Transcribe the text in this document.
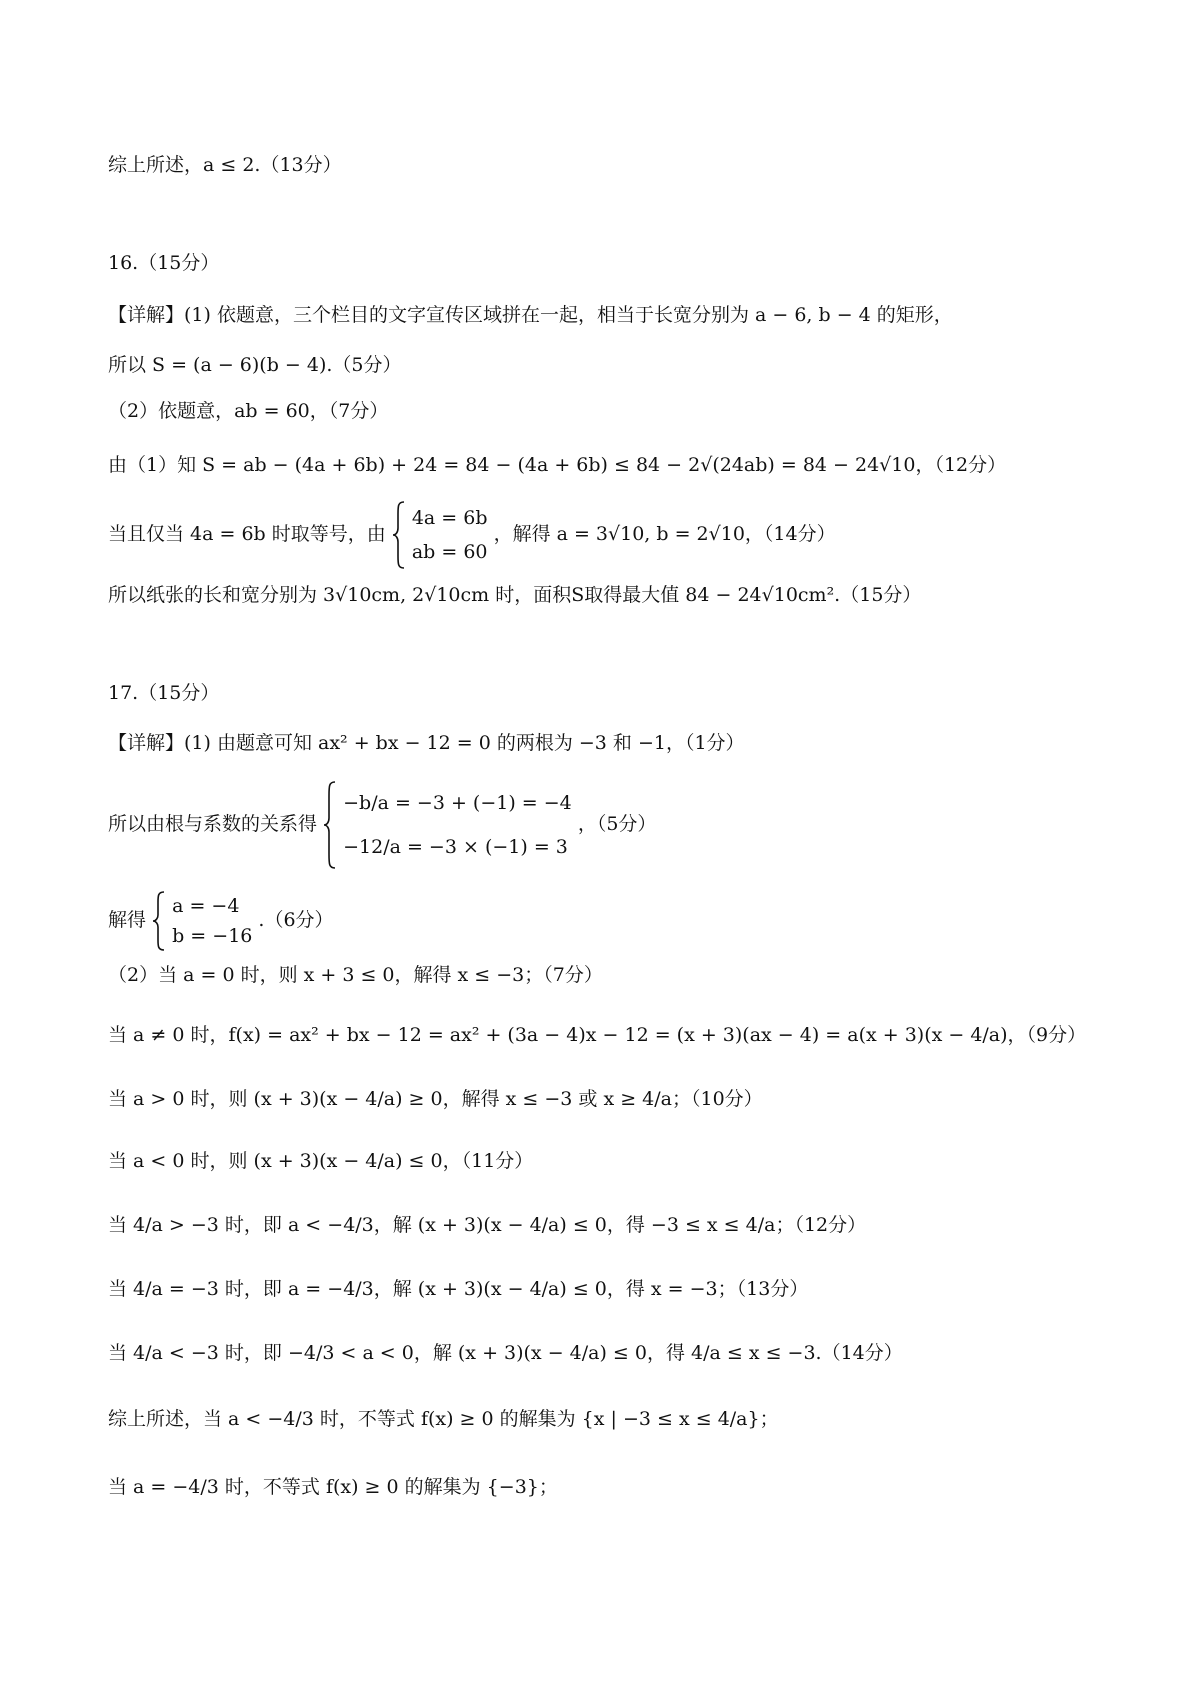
综上所述，a ≤ 2.（13分）
16.（15分）
【详解】(1) 依题意，三个栏目的文字宣传区域拼在一起，相当于长宽分别为 a − 6, b − 4 的矩形，
所以 S = (a − 6)(b − 4).（5分）
（2）依题意，ab = 60，（7分）
由（1）知 S = ab − (4a + 6b) + 24 = 84 − (4a + 6b) ≤ 84 − 2√(24ab) = 84 − 24√10，（12分）
当且仅当 4a = 6b 时取等号，由
4a = 6b
ab = 60
，解得 a = 3√10, b = 2√10，（14分）
所以纸张的长和宽分别为 3√10cm, 2√10cm 时，面积S取得最大值 84 − 24√10cm².（15分）
17.（15分）
【详解】(1) 由题意可知 ax² + bx − 12 = 0 的两根为 −3 和 −1，（1分）
所以由根与系数的关系得
−b/a = −3 + (−1) = −4
−12/a = −3 × (−1) = 3
，（5分）
解得
a = −4
b = −16
.（6分）
（2）当 a = 0 时，则 x + 3 ≤ 0，解得 x ≤ −3；（7分）
当 a ≠ 0 时，f(x) = ax² + bx − 12 = ax² + (3a − 4)x − 12 = (x + 3)(ax − 4) = a(x + 3)(x − 4/a)，（9分）
当 a > 0 时，则 (x + 3)(x − 4/a) ≥ 0，解得 x ≤ −3 或 x ≥ 4/a；（10分）
当 a < 0 时，则 (x + 3)(x − 4/a) ≤ 0，（11分）
当 4/a > −3 时，即 a < −4/3，解 (x + 3)(x − 4/a) ≤ 0，得 −3 ≤ x ≤ 4/a；（12分）
当 4/a = −3 时，即 a = −4/3，解 (x + 3)(x − 4/a) ≤ 0，得 x = −3；（13分）
当 4/a < −3 时，即 −4/3 < a < 0，解 (x + 3)(x − 4/a) ≤ 0，得 4/a ≤ x ≤ −3.（14分）
综上所述，当 a < −4/3 时，不等式 f(x) ≥ 0 的解集为 {x | −3 ≤ x ≤ 4/a}；
当 a = −4/3 时，不等式 f(x) ≥ 0 的解集为 {−3}；
